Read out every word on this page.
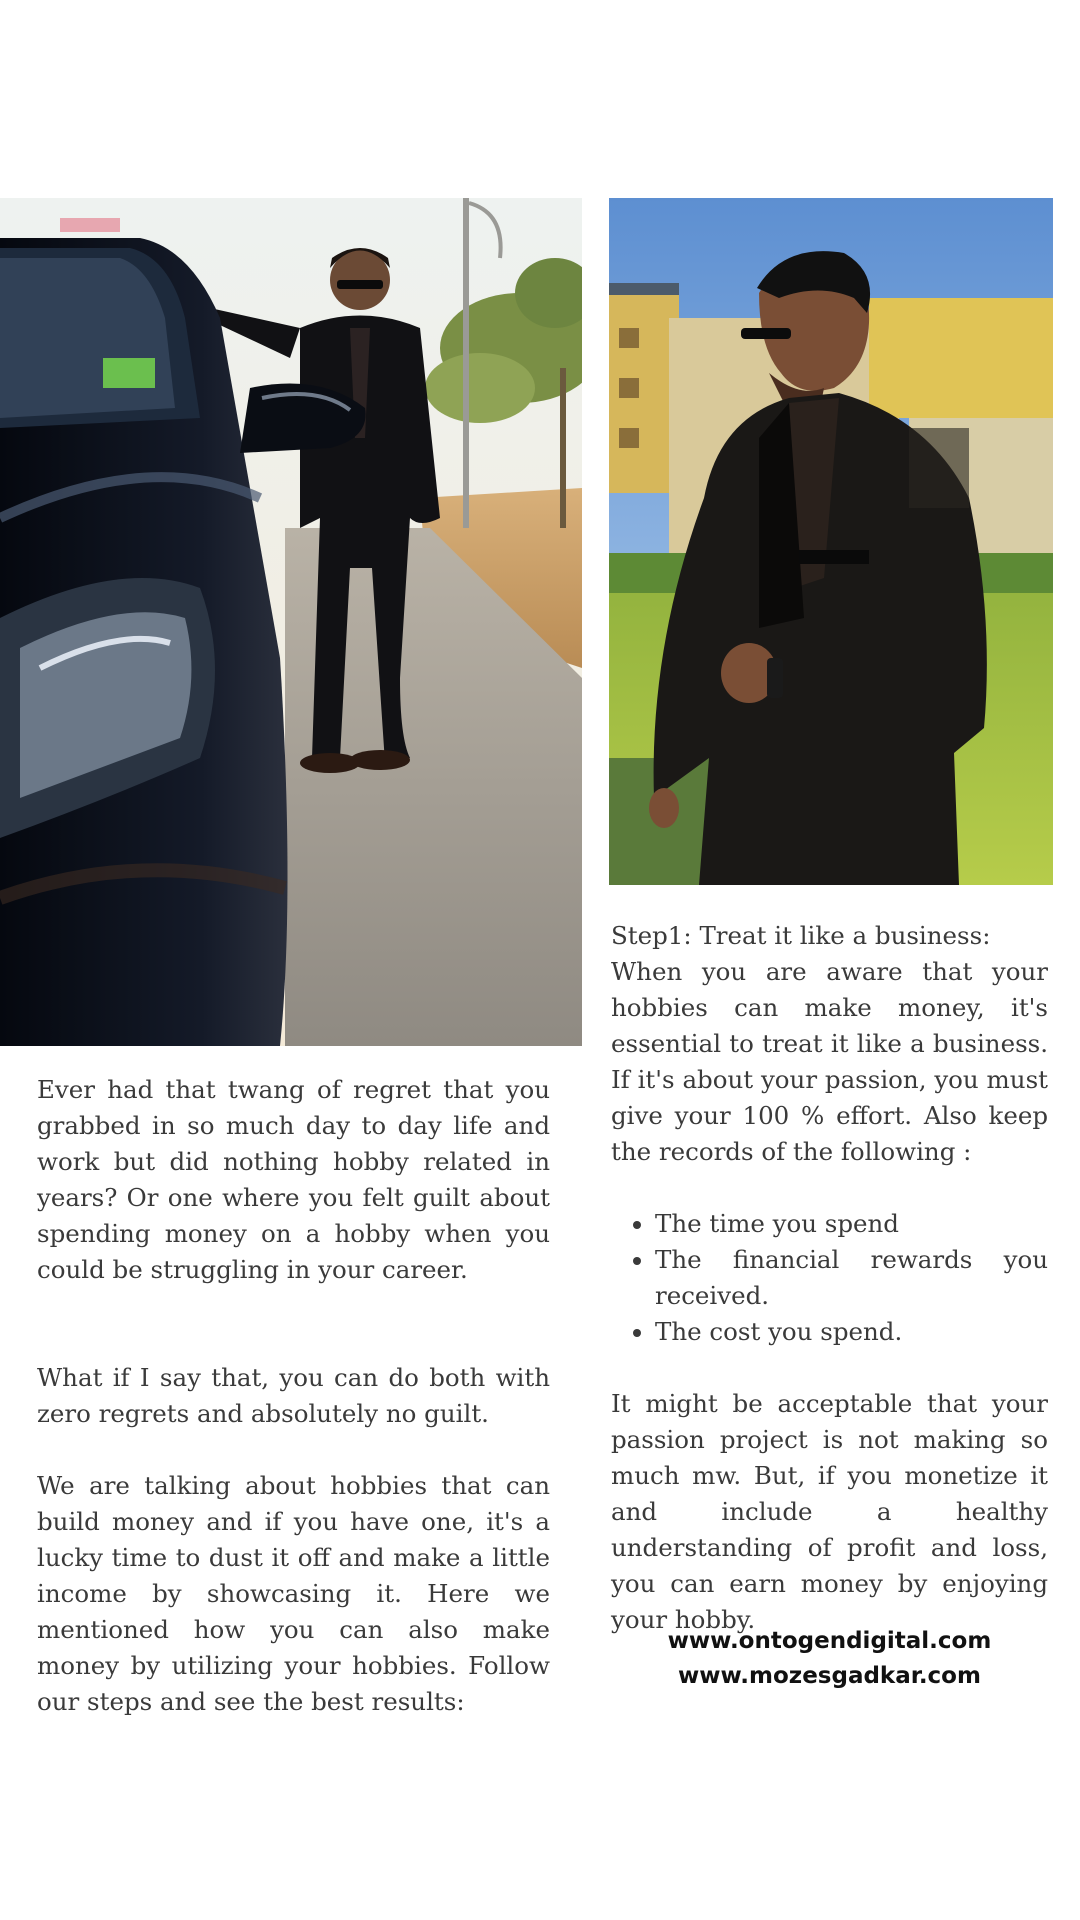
Ever had that twang of regret that you grabbed in so much day to day life and work but did nothing hobby related in years? Or one where you felt guilt about spending money on a hobby when you could be struggling in your career.

What if I say that, you can do both with zero regrets and absolutely no guilt.

We are talking about hobbies that can build money and if you have one, it's a lucky time to dust it off and make a little income by showcasing it. Here we mentioned how you can also make money by utilizing your hobbies. Follow our steps and see the best results:

Step1: Treat it like a business:

When you are aware that your hobbies can make money, it's essential to treat it like a business. If it's about your passion, you must give your 100 % effort. Also keep the records of the following :

• The time you spend
• The financial rewards you received.
• The cost you spend.

It might be acceptable that your passion project is not making so much mw. But, if you monetize it and include a healthy understanding of profit and loss, you can earn money by enjoying your hobby.

www.ontogendigital.com
www.mozesgadkar.com
